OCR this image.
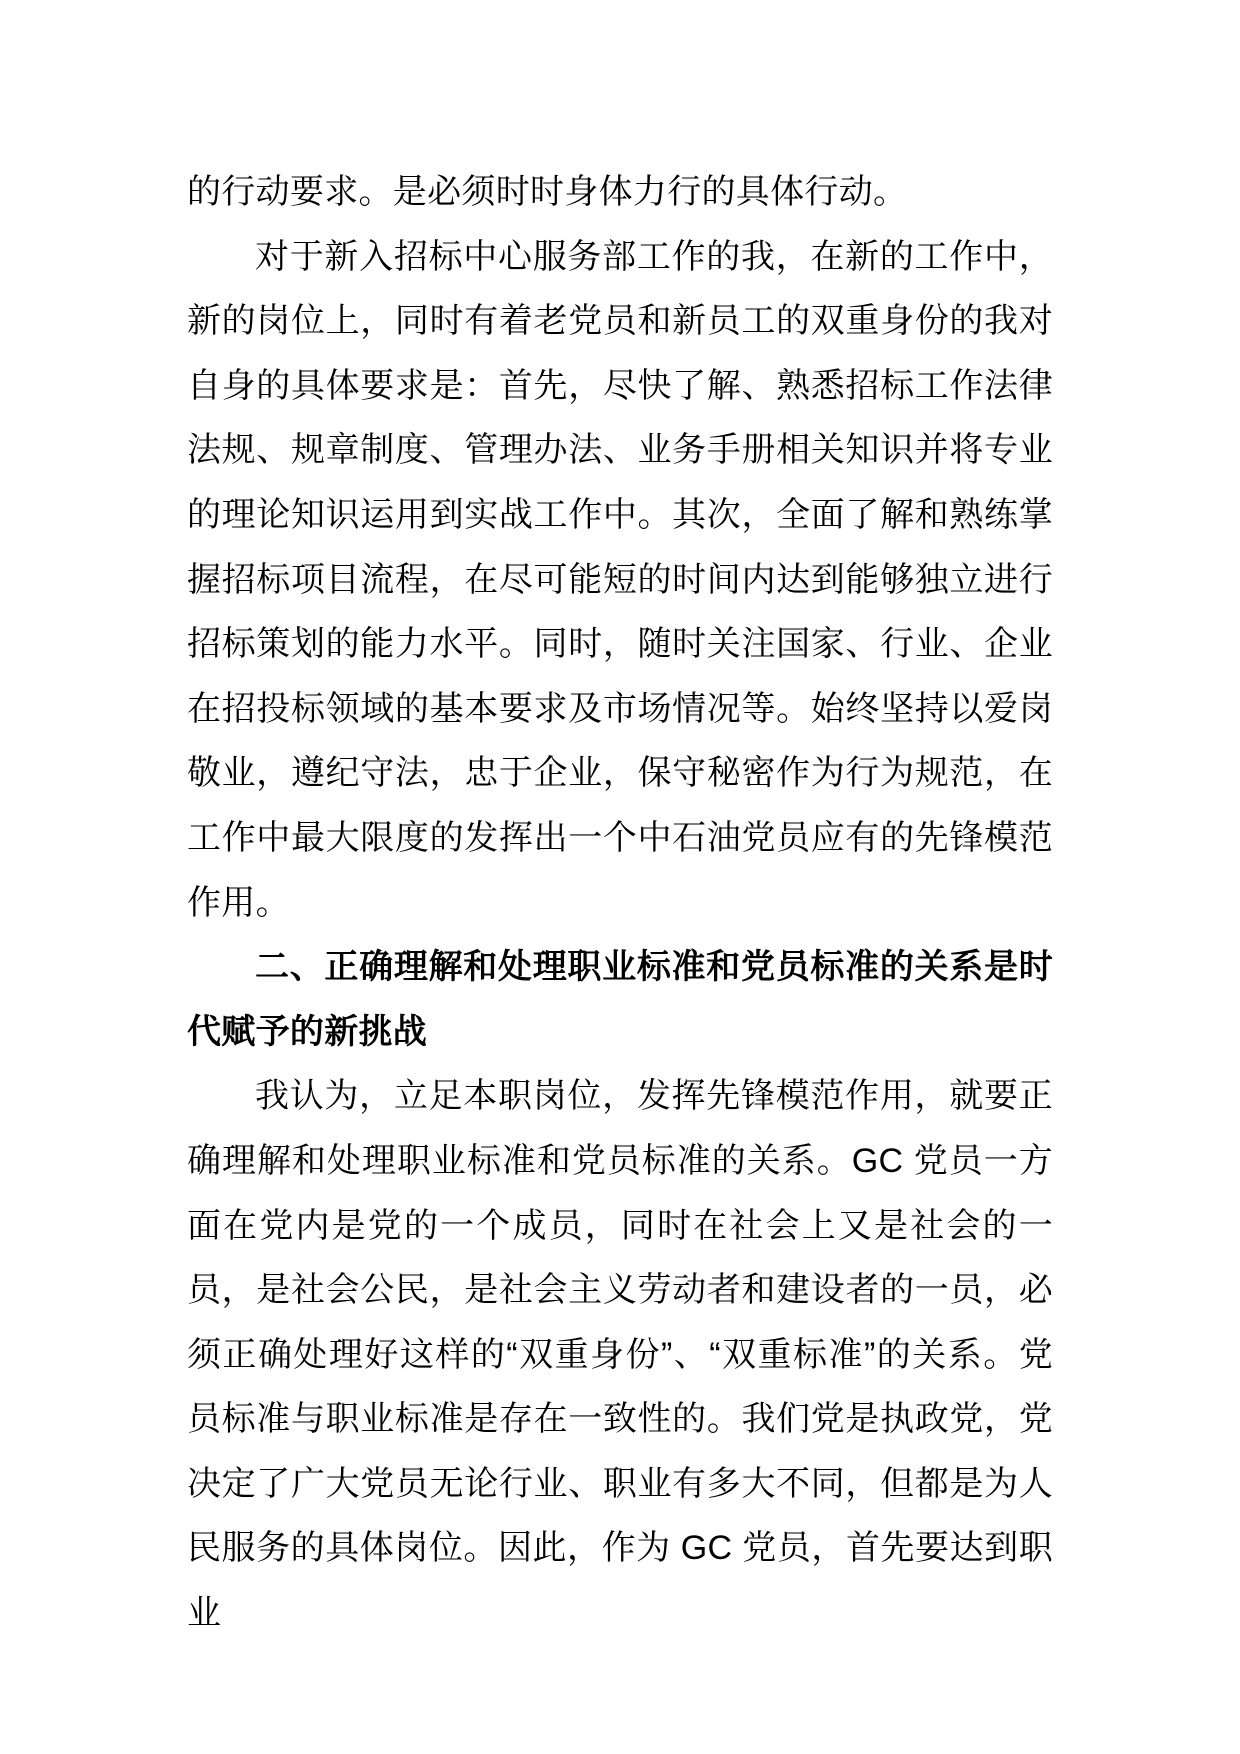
的行动要求。是必须时时身体力行的具体行动。

对于新入招标中心服务部工作的我，在新的工作中，新的岗位上，同时有着老党员和新员工的双重身份的我对自身的具体要求是：首先，尽快了解、熟悉招标工作法律法规、规章制度、管理办法、业务手册相关知识并将专业的理论知识运用到实战工作中。其次，全面了解和熟练掌握招标项目流程，在尽可能短的时间内达到能够独立进行招标策划的能力水平。同时，随时关注国家、行业、企业在招投标领域的基本要求及市场情况等。始终坚持以爱岗敬业，遵纪守法，忠于企业，保守秘密作为行为规范，在工作中最大限度的发挥出一个中石油党员应有的先锋模范作用。

二、正确理解和处理职业标准和党员标准的关系是时代赋予的新挑战

我认为，立足本职岗位，发挥先锋模范作用，就要正确理解和处理职业标准和党员标准的关系。GC 党员一方面在党内是党的一个成员，同时在社会上又是社会的一员，是社会公民，是社会主义劳动者和建设者的一员，必须正确处理好这样的“双重身份”、“双重标准”的关系。党员标准与职业标准是存在一致性的。我们党是执政党，党决定了广大党员无论行业、职业有多大不同，但都是为人民服务的具体岗位。因此，作为 GC 党员，首先要达到职业
